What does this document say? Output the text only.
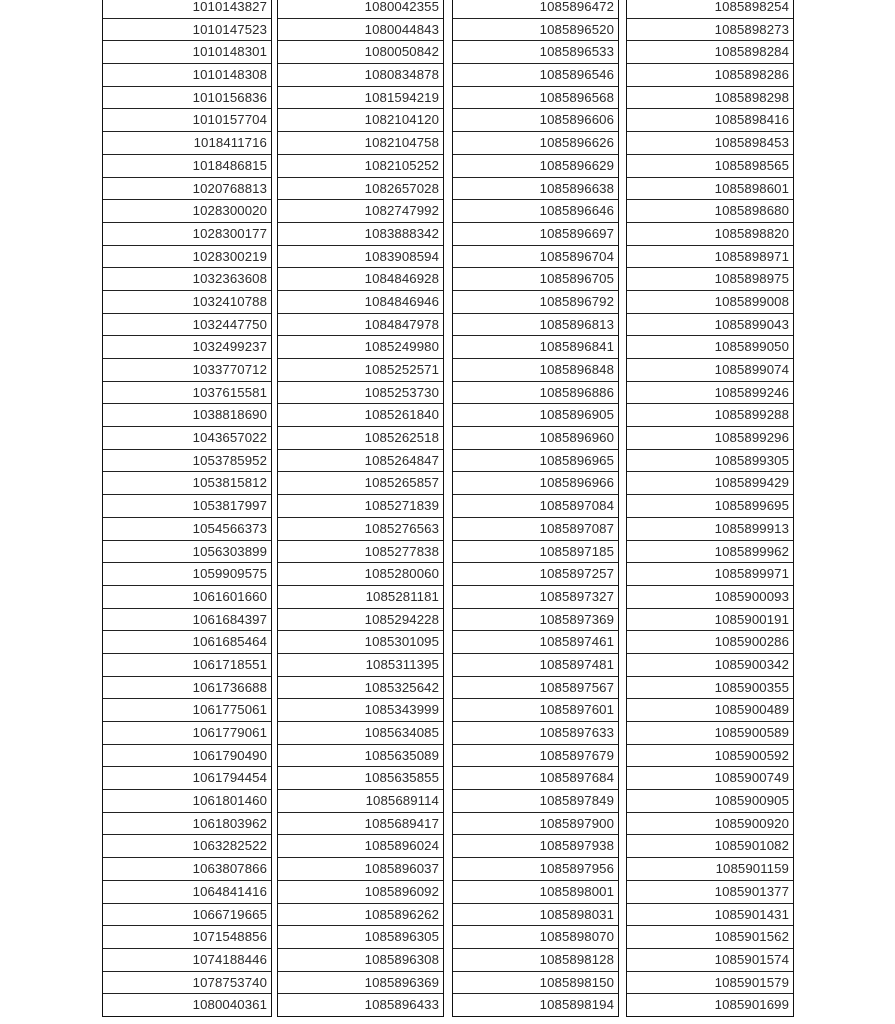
1010143827
1010147523
1010148301
1010148308
1010156836
1010157704
1018411716
1018486815
1020768813
1028300020
1028300177
1028300219
1032363608
1032410788
1032447750
1032499237
1033770712
1037615581
1038818690
1043657022
1053785952
1053815812
1053817997
1054566373
1056303899
1059909575
1061601660
1061684397
1061685464
1061718551
1061736688
1061775061
1061779061
1061790490
1061794454
1061801460
1061803962
1063282522
1063807866
1064841416
1066719665
1071548856
1074188446
1078753740
1080040361
1080042355
1080044843
1080050842
1080834878
1081594219
1082104120
1082104758
1082105252
1082657028
1082747992
1083888342
1083908594
1084846928
1084846946
1084847978
1085249980
1085252571
1085253730
1085261840
1085262518
1085264847
1085265857
1085271839
1085276563
1085277838
1085280060
1085281181
1085294228
1085301095
1085311395
1085325642
1085343999
1085634085
1085635089
1085635855
1085689114
1085689417
1085896024
1085896037
1085896092
1085896262
1085896305
1085896308
1085896369
1085896433
1085896472
1085896520
1085896533
1085896546
1085896568
1085896606
1085896626
1085896629
1085896638
1085896646
1085896697
1085896704
1085896705
1085896792
1085896813
1085896841
1085896848
1085896886
1085896905
1085896960
1085896965
1085896966
1085897084
1085897087
1085897185
1085897257
1085897327
1085897369
1085897461
1085897481
1085897567
1085897601
1085897633
1085897679
1085897684
1085897849
1085897900
1085897938
1085897956
1085898001
1085898031
1085898070
1085898128
1085898150
1085898194
1085898254
1085898273
1085898284
1085898286
1085898298
1085898416
1085898453
1085898565
1085898601
1085898680
1085898820
1085898971
1085898975
1085899008
1085899043
1085899050
1085899074
1085899246
1085899288
1085899296
1085899305
1085899429
1085899695
1085899913
1085899962
1085899971
1085900093
1085900191
1085900286
1085900342
1085900355
1085900489
1085900589
1085900592
1085900749
1085900905
1085900920
1085901082
1085901159
1085901377
1085901431
1085901562
1085901574
1085901579
1085901699
